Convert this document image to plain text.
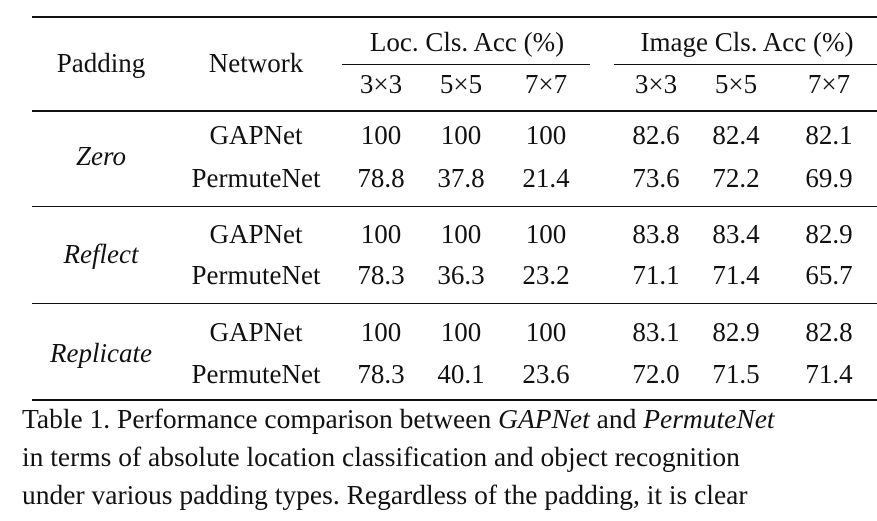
Padding Network
Loc. Cls. Acc (%)	Image Cls. Acc (%)
3×3 5×5 7×7	3×3 5×5 7×7
Zero
GAPNet 100 100 100 82.6 82.4 82.1
PermuteNet 78.8 37.8 21.4 73.6 72.2 69.9
Reflect
GAPNet 100 100 100 83.8 83.4 82.9
PermuteNet 78.3 36.3 23.2 71.1 71.4 65.7
Replicate
GAPNet 100 100 100 83.1 82.9 82.8
PermuteNet 78.3 40.1 23.6 72.0 71.5 71.4
Table 1. Performance comparison between GAPNet and PermuteNet
in terms of absolute location classification and object recognition
under various padding types. Regardless of the padding, it is clear
